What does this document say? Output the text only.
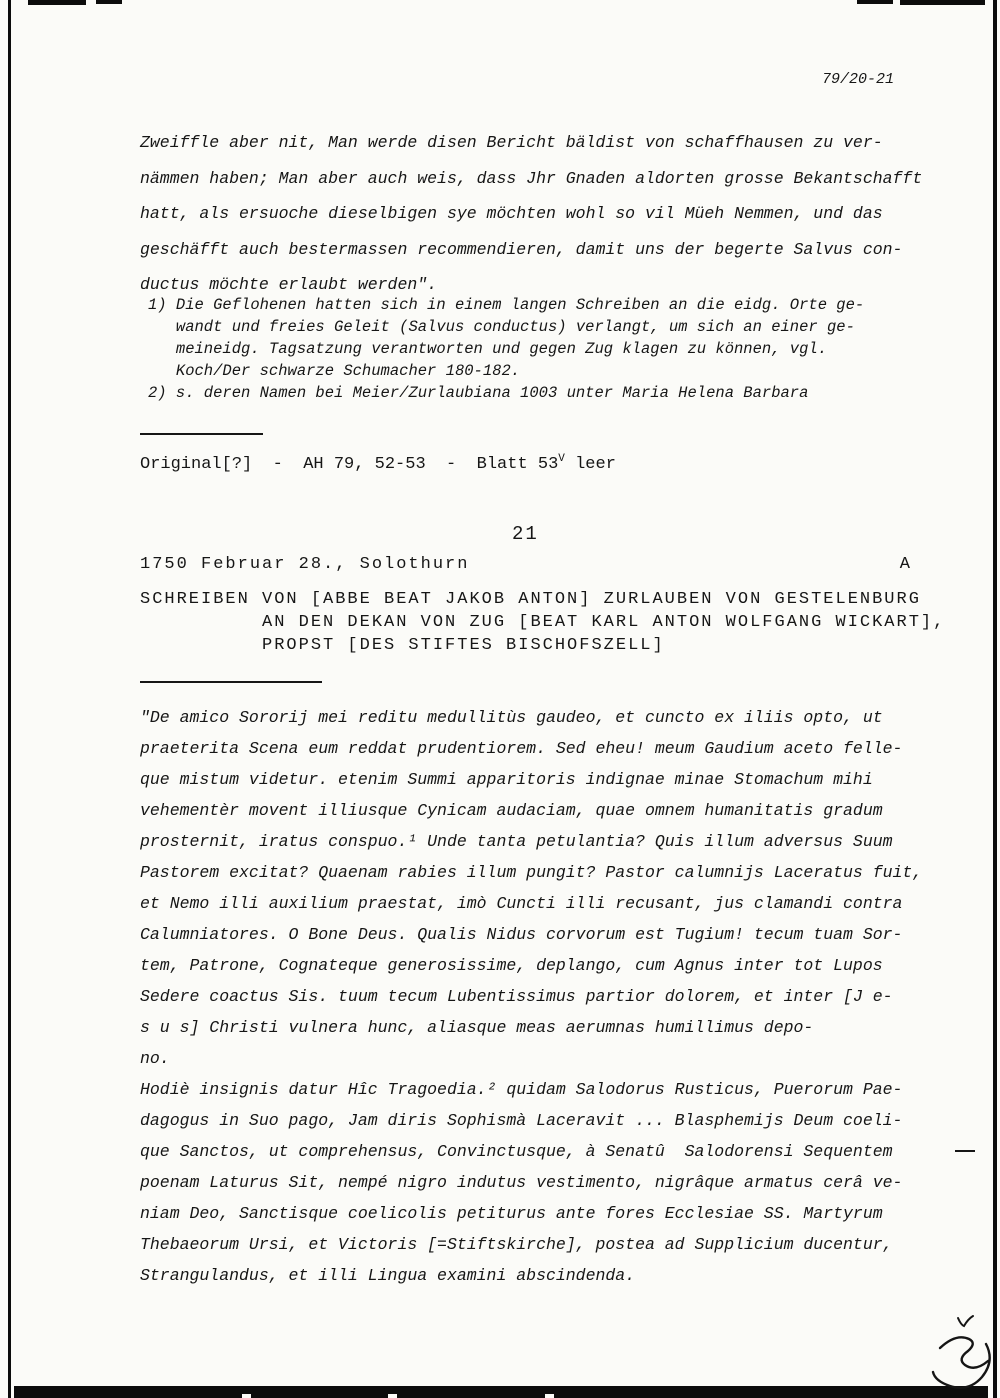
79/20-21
Zweiffle aber nit, Man werde disen Bericht bäldist von schaffhausen zu ver-
nämmen haben; Man aber auch weis, dass Jhr Gnaden aldorten grosse Bekantschafft
hatt, als ersuoche dieselbigen sye möchten wohl so vil Müeh Nemmen, und das
geschäfft auch bestermassen recommendieren, damit uns der begerte Salvus con-
ductus möchte erlaubt werden".
1) Die Geflohenen hatten sich in einem langen Schreiben an die eidg. Orte ge-
wandt und freies Geleit (Salvus conductus) verlangt, um sich an einer ge-
meineidg. Tagsatzung verantworten und gegen Zug klagen zu können, vgl.
Koch/Der schwarze Schumacher 180-182.
2) s. deren Namen bei Meier/Zurlaubiana 1003 unter Maria Helena Barbara
Original[?]  -  AH 79, 52-53  -  Blatt $53^V$ leer
21
1750 Februar 28., Solothurn	A
SCHREIBEN VON [ABBE BEAT JAKOB ANTON] ZURLAUBEN VON GESTELENBURG
AN DEN DEKAN VON ZUG [BEAT KARL ANTON WOLFGANG WICKART],
PROPST [DES STIFTES BISCHOFSZELL]
"De amico Sororij mei reditu medullitùs gaudeo, et cuncto ex iliis opto, ut
praeterita Scena eum reddat prudentiorem. Sed eheu! meum Gaudium aceto felle-
que mistum videtur. etenim Summi apparitoris indignae minae Stomachum mihi
vehementèr movent illiusque Cynicam audaciam, quae omnem humanitatis gradum
prosternit, iratus conspuo.¹ Unde tanta petulantia? Quis illum adversus Suum
Pastorem excitat? Quaenam rabies illum pungit? Pastor calumnijs Laceratus fuit,
et Nemo illi auxilium praestat, imò Cuncti illi recusant, jus clamandi contra
Calumniatores. O Bone Deus. Qualis Nidus corvorum est Tugium! tecum tuam Sor-
tem, Patrone, Cognateque generosissime, deplango, cum Agnus inter tot Lupos
Sedere coactus Sis. tuum tecum Lubentissimus partior dolorem, et inter [J e-
s u s] Christi vulnera hunc, aliasque meas aerumnas humillimus depo-
no.
Hodiè insignis datur Hîc Tragoedia.² quidam Salodorus Rusticus, Puerorum Pae-
dagogus in Suo pago, Jam diris Sophismà Laceravit ... Blasphemijs Deum coeli-
que Sanctos, ut comprehensus, Convinctusque, à Senatû  Salodorensi Sequentem
poenam Laturus Sit, nempé nigro indutus vestimento, nigrâque armatus cerâ ve-
niam Deo, Sanctisque coelicolis petiturus ante fores Ecclesiae SS. Martyrum
Thebaeorum Ursi, et Victoris [=Stiftskirche], postea ad Supplicium ducentur,
Strangulandus, et illi Lingua examini abscindenda.
